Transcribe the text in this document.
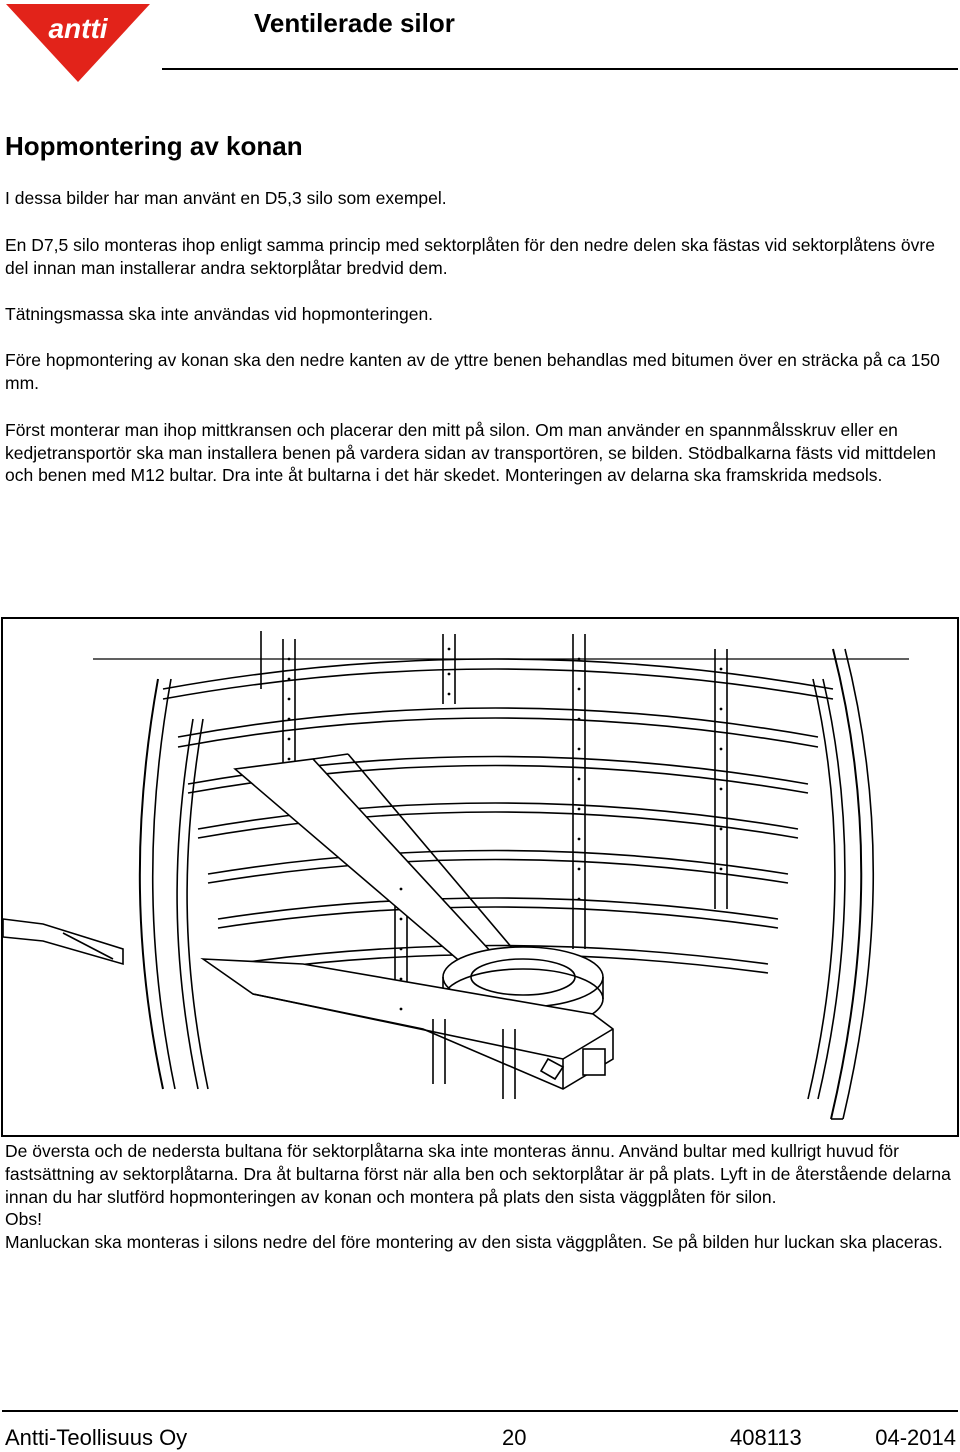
antti	Ventilerade silor
Hopmontering av konan

I dessa bilder har man använt en D5,3 silo som exempel.

En D7,5 silo monteras ihop enligt samma princip med sektorplåten för den nedre delen ska fästas vid sektorplåtens övre del innan man installerar andra sektorplåtar bredvid dem.

Tätningsmassa ska inte användas vid hopmonteringen.

Före hopmontering av konan ska den nedre kanten av de yttre benen behandlas med bitumen över en sträcka på ca 150 mm.

Först monterar man ihop mittkransen och placerar den mitt på silon. Om man använder en spannmålsskruv eller en kedjetransportör ska man installera benen på vardera sidan av transportören, se bilden. Stödbalkarna fästs vid mittdelen och benen med M12 bultar. Dra inte åt bultarna i det här skedet. Monteringen av delarna ska framskrida medsols.

De översta och de nedersta bultana för sektorplåtarna ska inte monteras ännu. Använd bultar med kullrigt huvud för fastsättning av sektorplåtarna. Dra åt bultarna först när alla ben och sektorplåtar är på plats. Lyft in de återstående delarna innan du har slutförd hopmonteringen av konan och montera på plats den sista väggplåten för silon.
Obs!
Manluckan ska monteras i silons nedre del före montering av den sista väggplåten. Se på bilden hur luckan ska placeras.

Antti-Teollisuus Oy	20	408113	04-2014
